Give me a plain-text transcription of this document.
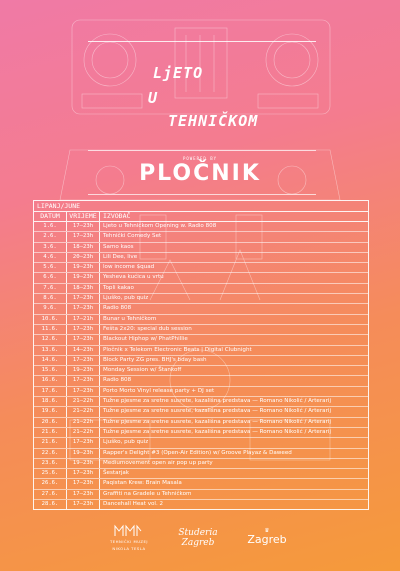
LjETO
U
TEHNIČKOM
POWERED BY
PLOČNIK
LIPANJ/JUNE
DATUM	VRIJEME IZVOĐAČ
1.6.	17–23h	Ljeto u Tehničkom Opening w. Radio 808
2.6.	17–23h	Tehnički Comedy Set
3.6.	18–23h	Samo kaos
4.6.	20–23h	Lili Dee, live
5.6.	19–23h	low income $quad
6.6.	19–23h	Yesheva kućica u vrtu
7.6.	18–23h	Topli kakao
8.6.	17–23h	Ljuško, pub quiz
9.6.	17–23h	Radio 808
10.6.	17–21h	Bunar u Tehničkom
11.6.	17–23h	Fešta 2x20: special dub session
12.6.	17–23h	Blackout Hiphop w/ PhatPhillie
13.6.	14–23h	Pločnik x Telekom Electronic Beats | Digital Clubnight
14.6.	17–23h	Block Party ZG pres. BHJ's bday bash
15.6.	19–23h	Monday Session w/ Štankoff
16.6.	17–23h	Radio 808
17.6.	17–23h	Porto Morto Vinyl release party + DJ set
18.6.	21–22h	Tužne pjesme za sretne susrete, kazališna predstava — Romano Nikolić / Arterarij
19.6.	21–22h	Tužne pjesme za sretne susrete, kazališna predstava — Romano Nikolić / Arterarij
20.6.	21–22h	Tužne pjesme za sretne susrete, kazališna predstava — Romano Nikolić / Arterarij
21.6.	21–22h	Tužne pjesme za sretne susrete, kazališna predstava — Romano Nikolić / Arterarij
21.6.	17–23h	Ljuško, pub quiz
22.6.	19–23h	Rapper's Delight #3 (Open-Air Edition) w/ Groove Playaz & Daweed
23.6.	19–23h	Mediumovement open air pop up party
25.6.	17–23h	Šestarjak
26.6.	17–23h	Paqistan Krew: Brain Masala
27.6.	17–23h	Graffiti na Gradele u Tehničkom
28.6.	17–23h	Dancehall Heat vol. 2
TEHNIČKI MUZEJ
NIKOLA TESLA
Studeria
Zagreb
♛
Zagreb
